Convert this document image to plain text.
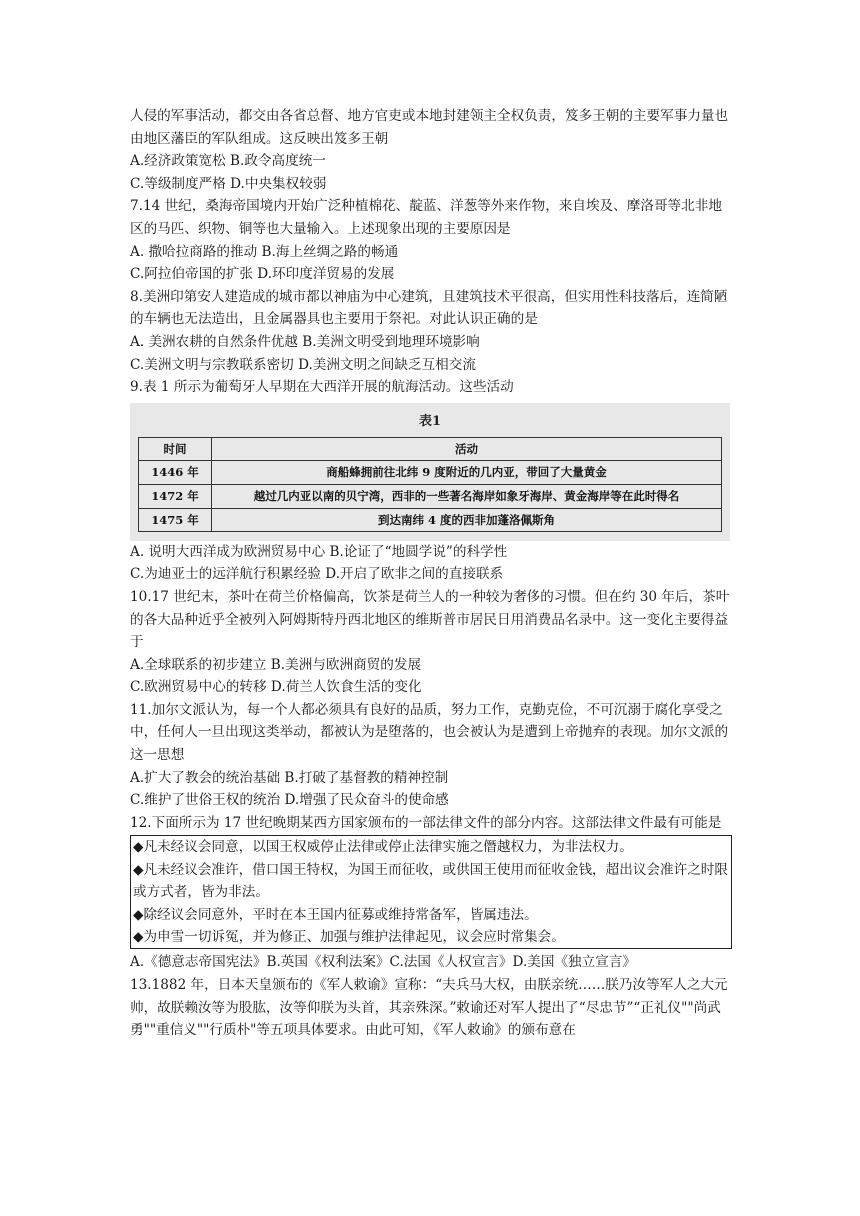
人侵的军事活动，都交由各省总督、地方官吏或本地封建领主全权负责，笈多王朝的主要军事力量也由地区藩臣的军队组成。这反映出笈多王朝

A.经济政策宽松 B.政令高度统一

C.等级制度严格 D.中央集权较弱

7.14 世纪，桑海帝国境内开始广泛种植棉花、靛蓝、洋葱等外来作物，来自埃及、摩洛哥等北非地区的马匹、织物、铜等也大量输入。上述现象出现的主要原因是

A. 撒哈拉商路的推动 B.海上丝绸之路的畅通

C.阿拉伯帝国的扩张 D.环印度洋贸易的发展

8.美洲印第安人建造成的城市都以神庙为中心建筑，且建筑技术平很高，但实用性科技落后，连简陋的车辆也无法造出，且金属器具也主要用于祭祀。对此认识正确的是

A. 美洲农耕的自然条件优越 B.美洲文明受到地理环境影响

C.美洲文明与宗教联系密切 D.美洲文明之间缺乏互相交流

9.表 1 所示为葡萄牙人早期在大西洋开展的航海活动。这些活动

表1
时间	活动
1446 年	商船蜂拥前往北纬 9 度附近的几内亚，带回了大量黄金
1472 年	越过几内亚以南的贝宁湾，西非的一些著名海岸如象牙海岸、黄金海岸等在此时得名
1475 年	到达南纬 4 度的西非加蓬洛佩斯角

A. 说明大西洋成为欧洲贸易中心 B.论证了“地圆学说”的科学性

C.为迪亚士的远洋航行积累经验 D.开启了欧非之间的直接联系

10.17 世纪末，茶叶在荷兰价格偏高，饮茶是荷兰人的一种较为奢侈的习惯。但在约 30 年后，茶叶的各大品种近乎全被列入阿姆斯特丹西北地区的维斯普市居民日用消费品名录中。这一变化主要得益于

A.全球联系的初步建立 B.美洲与欧洲商贸的发展

C.欧洲贸易中心的转移 D.荷兰人饮食生活的变化

11.加尔文派认为，每一个人都必须具有良好的品质，努力工作，克勤克俭，不可沉溺于腐化享受之中，任何人一旦出现这类举动，都被认为是堕落的，也会被认为是遭到上帝抛弃的表现。加尔文派的这一思想

A.扩大了教会的统治基础 B.打破了基督教的精神控制

C.维护了世俗王权的统治 D.增强了民众奋斗的使命感

12.下面所示为 17 世纪晚期某西方国家颁布的一部法律文件的部分内容。这部法律文件最有可能是

◆凡未经议会同意，以国王权威停止法律或停止法律实施之僭越权力，为非法权力。

◆凡未经议会准许，借口国王特权，为国王而征收，或供国王使用而征收金钱，超出议会准许之时限或方式者，皆为非法。

◆除经议会同意外，平时在本王国内征募或维持常备军，皆属违法。

◆为申雪一切诉冤，并为修正、加强与维护法律起见，议会应时常集会。

A.《德意志帝国宪法》B.英国《权利法案》C.法国《人权宣言》D.美国《独立宣言》

13.1882 年，日本天皇颁布的《军人敕谕》宣称：“夫兵马大权，由朕亲统……朕乃汝等军人之大元帅，故朕赖汝等为股肱，汝等仰朕为头首，其亲殊深。”敕谕还对军人提出了“尽忠节”“正礼仪""尚武勇""重信义""行质朴"等五项具体要求。由此可知，《军人敕谕》的颁布意在
